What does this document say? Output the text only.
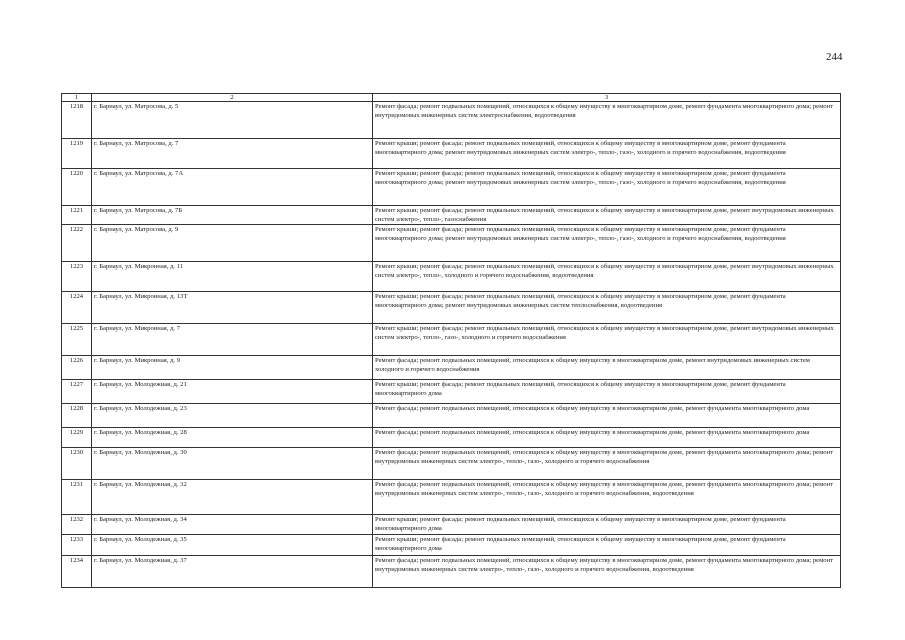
244
1	2	3
1218	г. Барнаул, ул. Матросова, д. 5	Ремонт фасада; ремонт подвальных помещений, относящихся к общему имуществу в многоквартирном доме, ремонт фундамента многоквартирного дома; ремонт внутридомовых инженерных систем электроснабжения, водоотведения
1219	г. Барнаул, ул. Матросова, д. 7	Ремонт крыши; ремонт фасада; ремонт подвальных помещений, относящихся к общему имуществу в многоквартирном доме, ремонт фундамента многоквартирного дома; ремонт внутридомовых инженерных систем электро-, тепло-, газо-, холодного и горячего водоснабжения, водоотведения
1220	г. Барнаул, ул. Матросова, д. 7А	Ремонт крыши; ремонт фасада; ремонт подвальных помещений, относящихся к общему имуществу в многоквартирном доме, ремонт фундамента многоквартирного дома; ремонт внутридомовых инженерных систем электро-, тепло-, газо-, холодного и горячего водоснабжения, водоотведения
1221	г. Барнаул, ул. Матросова, д. 7Б	Ремонт крыши; ремонт фасада; ремонт подвальных помещений, относящихся к общему имуществу в многоквартирном доме, ремонт внутридомовых инженерных систем электро-, тепло-, газоснабжения
1222	г. Барнаул, ул. Матросова, д. 9	Ремонт крыши; ремонт фасада; ремонт подвальных помещений, относящихся к общему имуществу в многоквартирном доме, ремонт фундамента многоквартирного дома; ремонт внутридомовых инженерных систем электро-, тепло-, газо-, холодного и горячего водоснабжения, водоотведения
1223	г. Барнаул, ул. Микронная, д. 11	Ремонт крыши; ремонт фасада; ремонт подвальных помещений, относящихся к общему имуществу в многоквартирном доме, ремонт внутридомовых инженерных систем электро-, тепло-, холодного и горячего водоснабжения, водоотведения
1224	г. Барнаул, ул. Микронная, д. 13Т	Ремонт крыши; ремонт фасада; ремонт подвальных помещений, относящихся к общему имуществу в многоквартирном доме, ремонт фундамента многоквартирного дома; ремонт внутридомовых инженерных систем теплоснабжения, водоотведения
1225	г. Барнаул, ул. Микронная, д. 7	Ремонт крыши; ремонт фасада; ремонт подвальных помещений, относящихся к общему имуществу в многоквартирном доме, ремонт внутридомовых инженерных систем электро-, тепло-, газо-, холодного и горячего водоснабжения
1226	г. Барнаул, ул. Микронная, д. 9	Ремонт фасада; ремонт подвальных помещений, относящихся к общему имуществу в многоквартирном доме, ремонт внутридомовых инженерных систем холодного и горячего водоснабжения
1227	г. Барнаул, ул. Молодежная, д. 21	Ремонт крыши; ремонт фасада; ремонт подвальных помещений, относящихся к общему имуществу в многоквартирном доме, ремонт фундамента многоквартирного дома
1228	г. Барнаул, ул. Молодежная, д. 23	Ремонт фасада; ремонт подвальных помещений, относящихся к общему имуществу в многоквартирном доме, ремонт фундамента многоквартирного дома
1229	г. Барнаул, ул. Молодежная, д. 28	Ремонт фасада; ремонт подвальных помещений, относящихся к общему имуществу в многоквартирном доме, ремонт фундамента многоквартирного дома
1230	г. Барнаул, ул. Молодежная, д. 30	Ремонт фасада; ремонт подвальных помещений, относящихся к общему имуществу в многоквартирном доме, ремонт фундамента многоквартирного дома; ремонт внутридомовых инженерных систем электро-, тепло-, газо-, холодного и горячего водоснабжения
1231	г. Барнаул, ул. Молодежная, д. 32	Ремонт фасада; ремонт подвальных помещений, относящихся к общему имуществу в многоквартирном доме, ремонт фундамента многоквартирного дома; ремонт внутридомовых инженерных систем электро-, тепло-, газо-, холодного и горячего водоснабжения, водоотведения
1232	г. Барнаул, ул. Молодежная, д. 34	Ремонт крыши; ремонт фасада; ремонт подвальных помещений, относящихся к общему имуществу в многоквартирном доме, ремонт фундамента многоквартирного дома
1233	г. Барнаул, ул. Молодежная, д. 35	Ремонт крыши; ремонт фасада; ремонт подвальных помещений, относящихся к общему имуществу в многоквартирном доме, ремонт фундамента многоквартирного дома
1234	г. Барнаул, ул. Молодежная, д. 37	Ремонт фасада; ремонт подвальных помещений, относящихся к общему имуществу в многоквартирном доме, ремонт фундамента многоквартирного дома; ремонт внутридомовых инженерных систем электро-, тепло-, газо-, холодного и горячего водоснабжения, водоотведения
